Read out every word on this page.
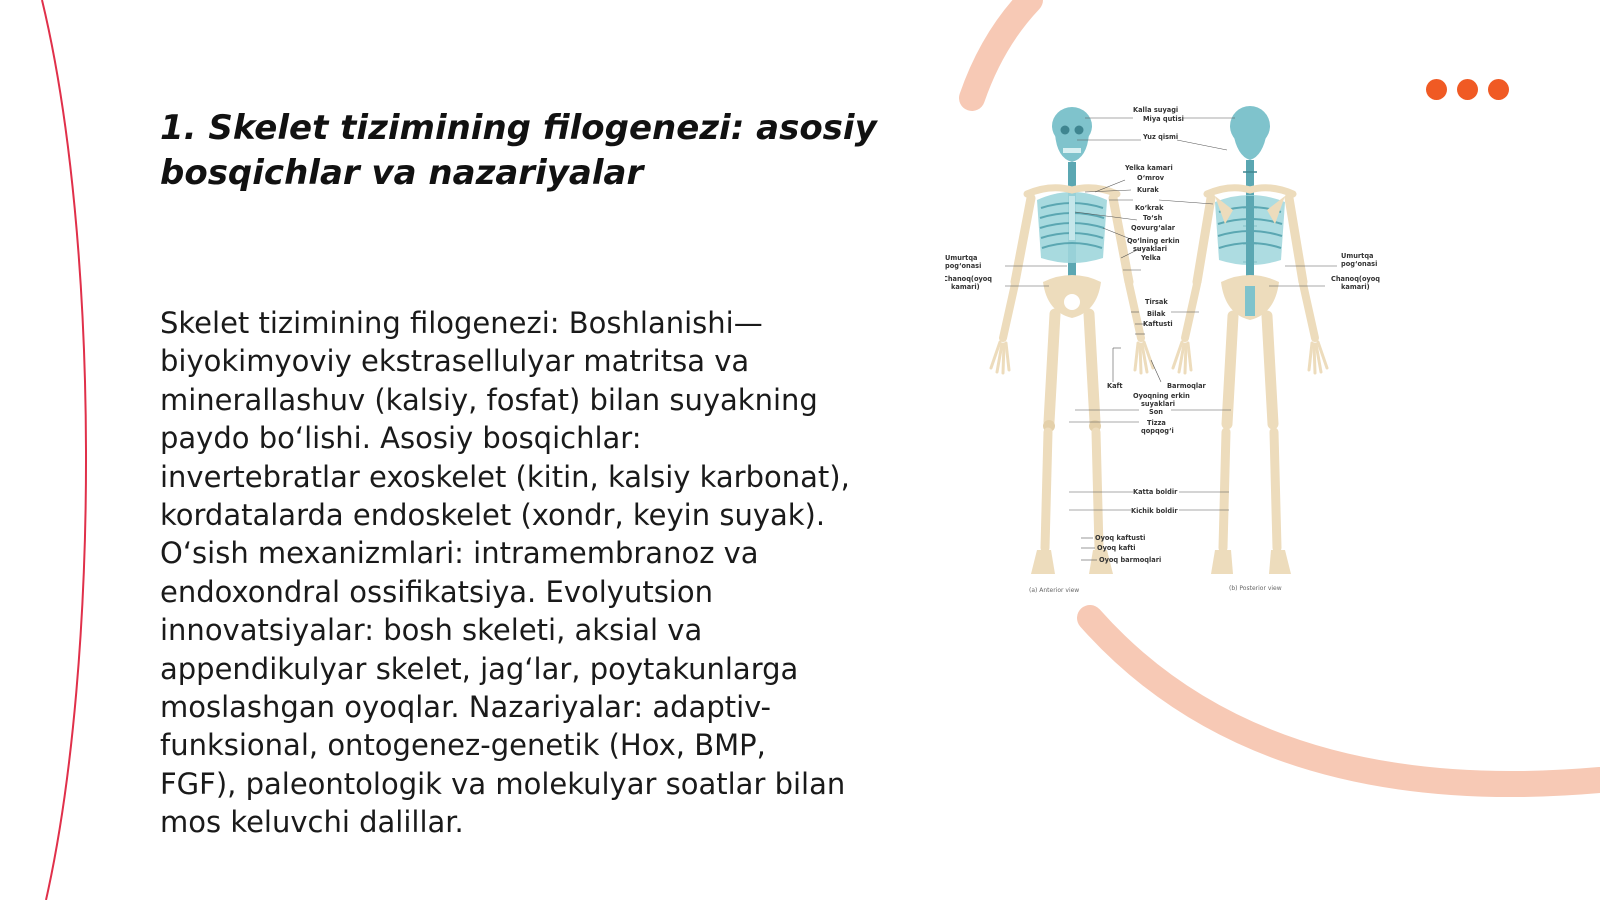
1. Skelet tizimining filogenezi: asosiy bosqichlar va nazariyalar

Skelet tizimining filogenezi: Boshlanishi—biyokimyoviy ekstrasellulyar matritsa va minerallashuv (kalsiy, fosfat) bilan suyakning paydo bo‘lishi. Asosiy bosqichlar: invertebratlar exoskelet (kitin, kalsiy karbonat), kordatalarda endoskelet (xondr, keyin suyak). O‘sish mexanizmlari: intramembranoz va endoxondral ossifikatsiya. Evolyutsion innovatsiyalar: bosh skeleti, aksial va appendikulyar skelet, jag‘lar, poytakunlarga moslashgan oyoqlar. Nazariyalar: adaptiv-funksional, ontogenez-genetik (Hox, BMP, FGF), paleontologik va molekulyar soatlar bilan mos keluvchi dalillar.

Kalla suyagi
Miya qutisi
Yuz qismi
Yelka kamari
O‘mrov
Kurak
Ko‘krak
To‘sh
Qovurg‘alar
Qo‘lning erkin
suyaklari
Yelka
Umurtqa
pog‘onasi
Chanoq(oyoq
kamari)
Umurtqa
pog‘onasi
Chanoq(oyoq
kamari)
Tirsak
Bilak
Kaftusti
Kaft	Barmoqlar
Oyoqning erkin
suyaklari
Son
Tizza
qopqog‘i
Katta boldir
Kichik boldir
Oyoq kaftusti
Oyoq kafti
Oyoq barmoqlari
(a) Anterior view	(b) Posterior view
